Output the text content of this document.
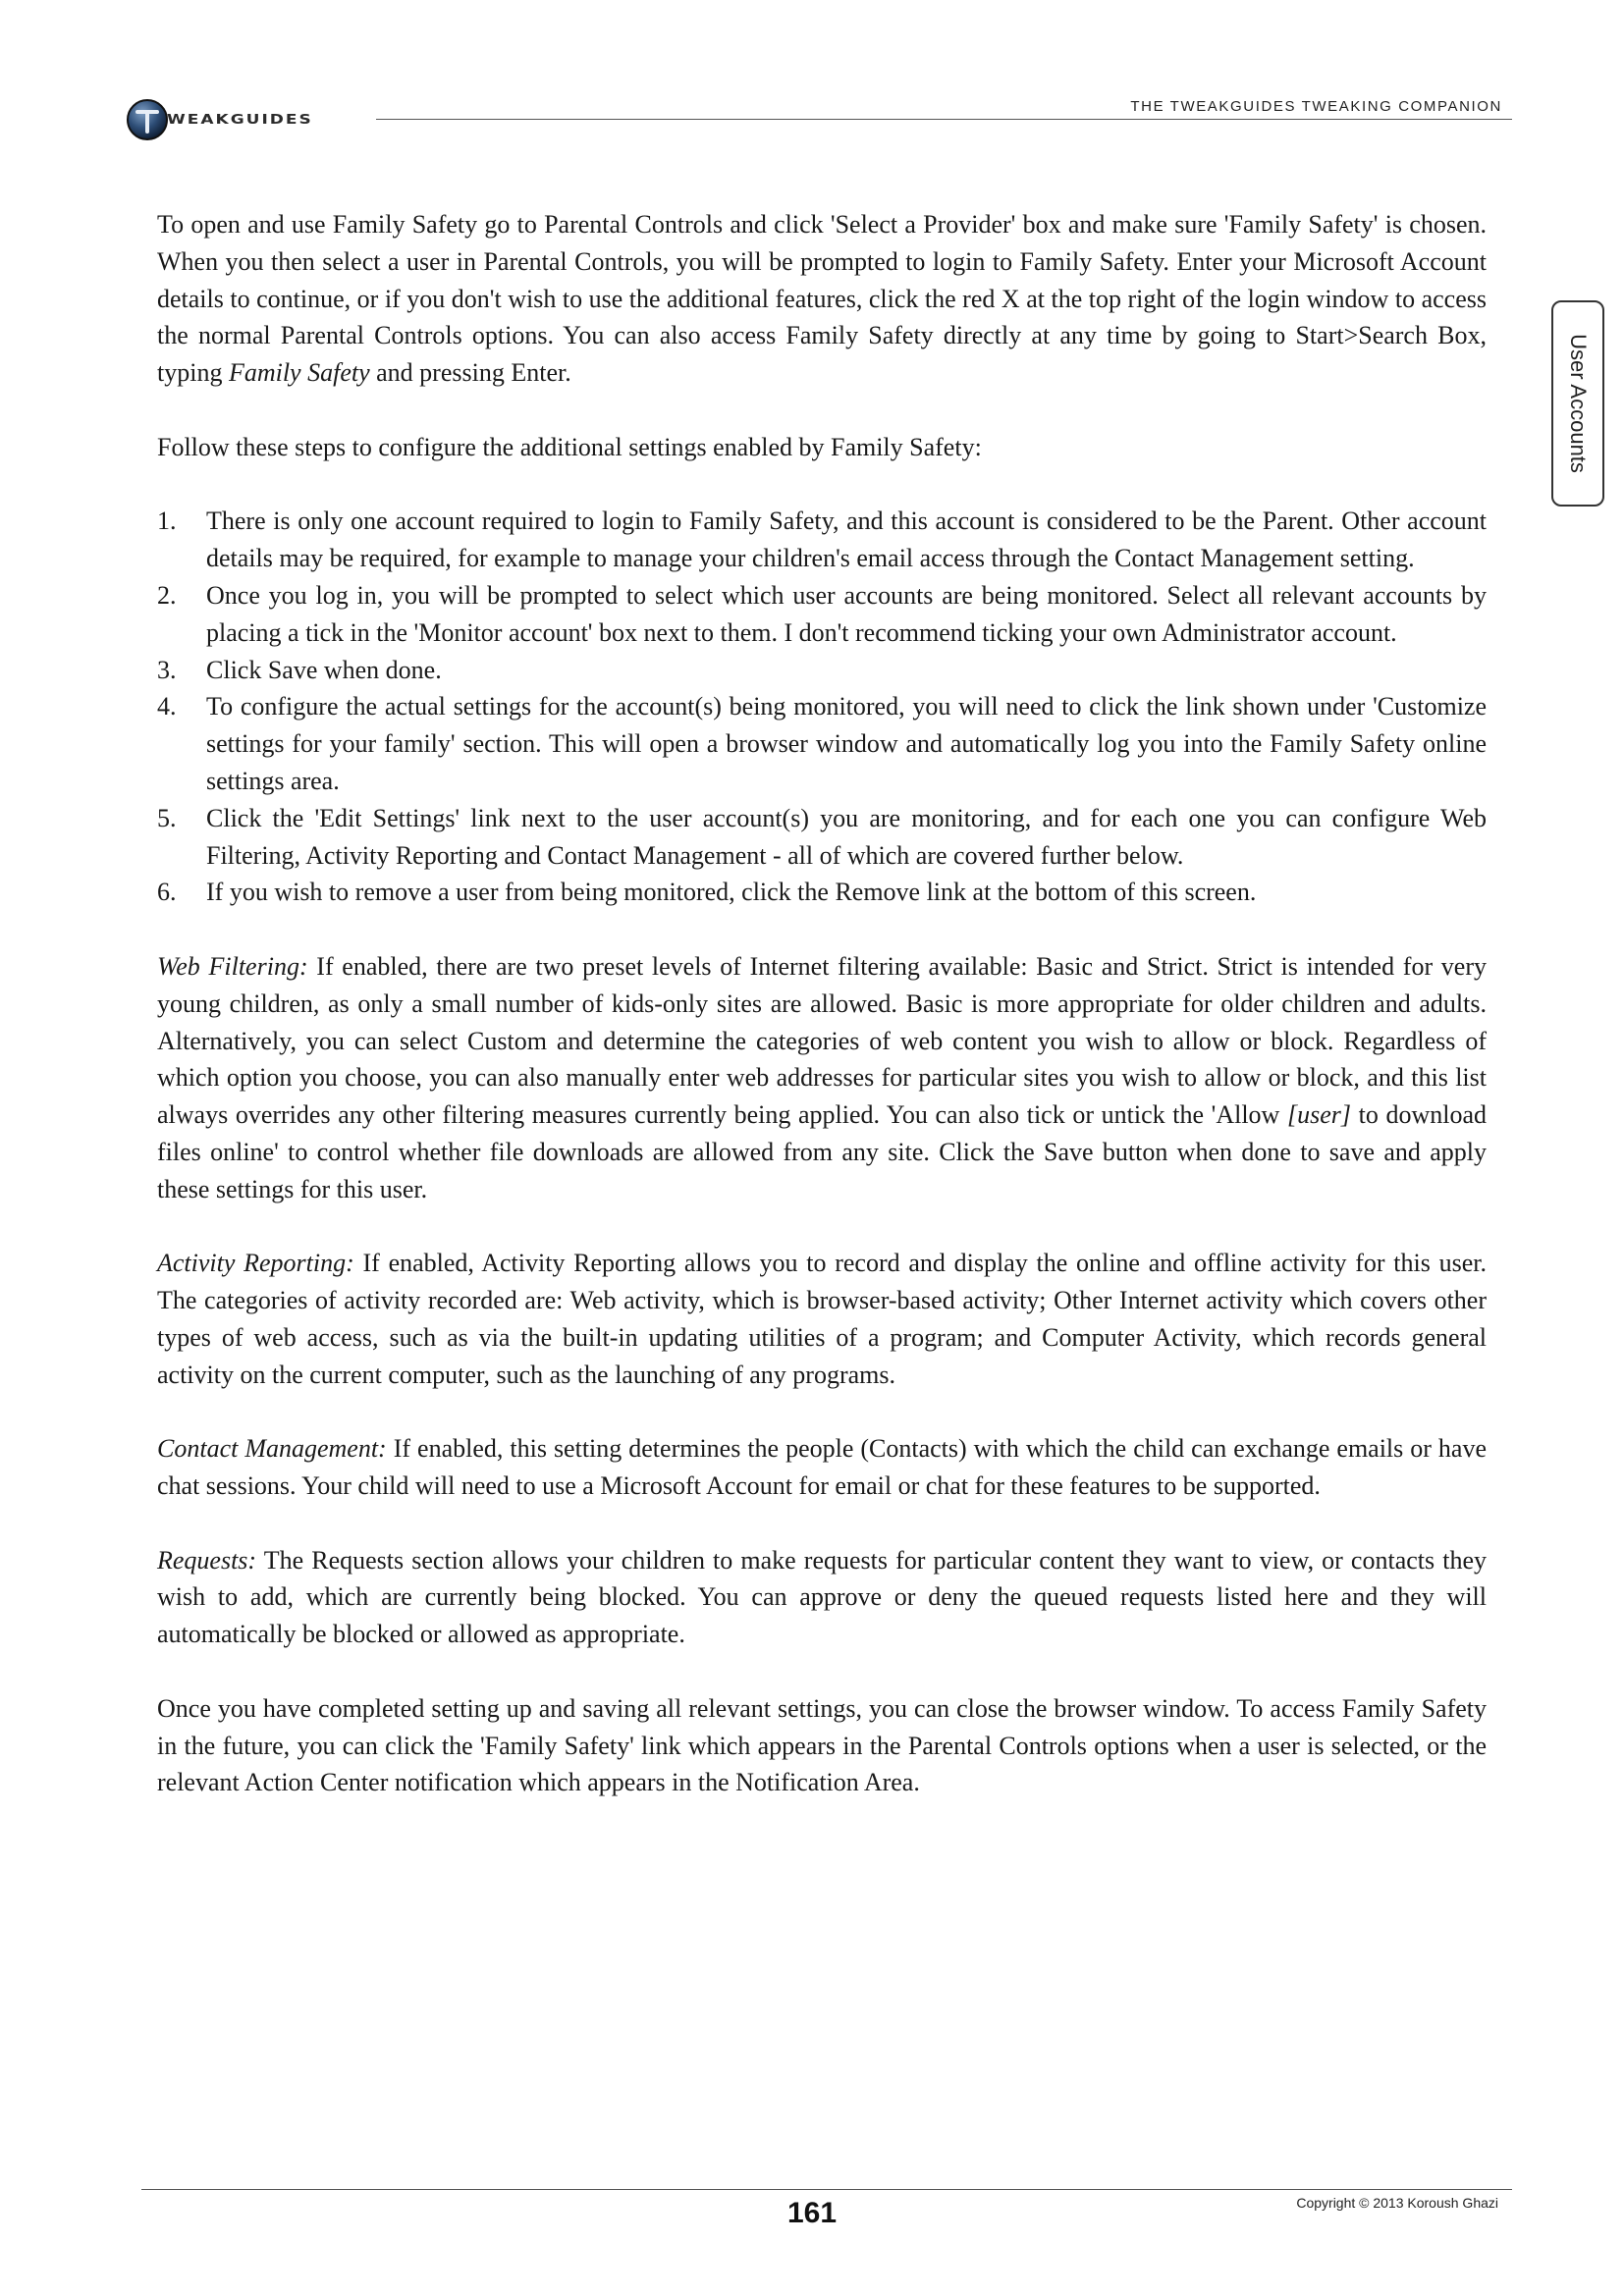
WEAKGUIDES
THE TWEAKGUIDES TWEAKING COMPANION
User Accounts

To open and use Family Safety go to Parental Controls and click 'Select a Provider' box and make sure 'Family Safety' is chosen. When you then select a user in Parental Controls, you will be prompted to login to Family Safety. Enter your Microsoft Account details to continue, or if you don't wish to use the additional features, click the red X at the top right of the login window to access the normal Parental Controls options. You can also access Family Safety directly at any time by going to Start>Search Box, typing Family Safety and pressing Enter.

Follow these steps to configure the additional settings enabled by Family Safety:

1. There is only one account required to login to Family Safety, and this account is considered to be the Parent. Other account details may be required, for example to manage your children's email access through the Contact Management setting.
2. Once you log in, you will be prompted to select which user accounts are being monitored. Select all relevant accounts by placing a tick in the 'Monitor account' box next to them. I don't recommend ticking your own Administrator account.
3. Click Save when done.
4. To configure the actual settings for the account(s) being monitored, you will need to click the link shown under 'Customize settings for your family' section. This will open a browser window and automatically log you into the Family Safety online settings area.
5. Click the 'Edit Settings' link next to the user account(s) you are monitoring, and for each one you can configure Web Filtering, Activity Reporting and Contact Management - all of which are covered further below.
6. If you wish to remove a user from being monitored, click the Remove link at the bottom of this screen.

Web Filtering: If enabled, there are two preset levels of Internet filtering available: Basic and Strict. Strict is intended for very young children, as only a small number of kids-only sites are allowed. Basic is more appropriate for older children and adults. Alternatively, you can select Custom and determine the categories of web content you wish to allow or block. Regardless of which option you choose, you can also manually enter web addresses for particular sites you wish to allow or block, and this list always overrides any other filtering measures currently being applied. You can also tick or untick the 'Allow [user] to download files online' to control whether file downloads are allowed from any site. Click the Save button when done to save and apply these settings for this user.

Activity Reporting: If enabled, Activity Reporting allows you to record and display the online and offline activity for this user. The categories of activity recorded are: Web activity, which is browser-based activity; Other Internet activity which covers other types of web access, such as via the built-in updating utilities of a program; and Computer Activity, which records general activity on the current computer, such as the launching of any programs.

Contact Management: If enabled, this setting determines the people (Contacts) with which the child can exchange emails or have chat sessions. Your child will need to use a Microsoft Account for email or chat for these features to be supported.

Requests: The Requests section allows your children to make requests for particular content they want to view, or contacts they wish to add, which are currently being blocked. You can approve or deny the queued requests listed here and they will automatically be blocked or allowed as appropriate.

Once you have completed setting up and saving all relevant settings, you can close the browser window. To access Family Safety in the future, you can click the 'Family Safety' link which appears in the Parental Controls options when a user is selected, or the relevant Action Center notification which appears in the Notification Area.

161	Copyright © 2013 Koroush Ghazi
